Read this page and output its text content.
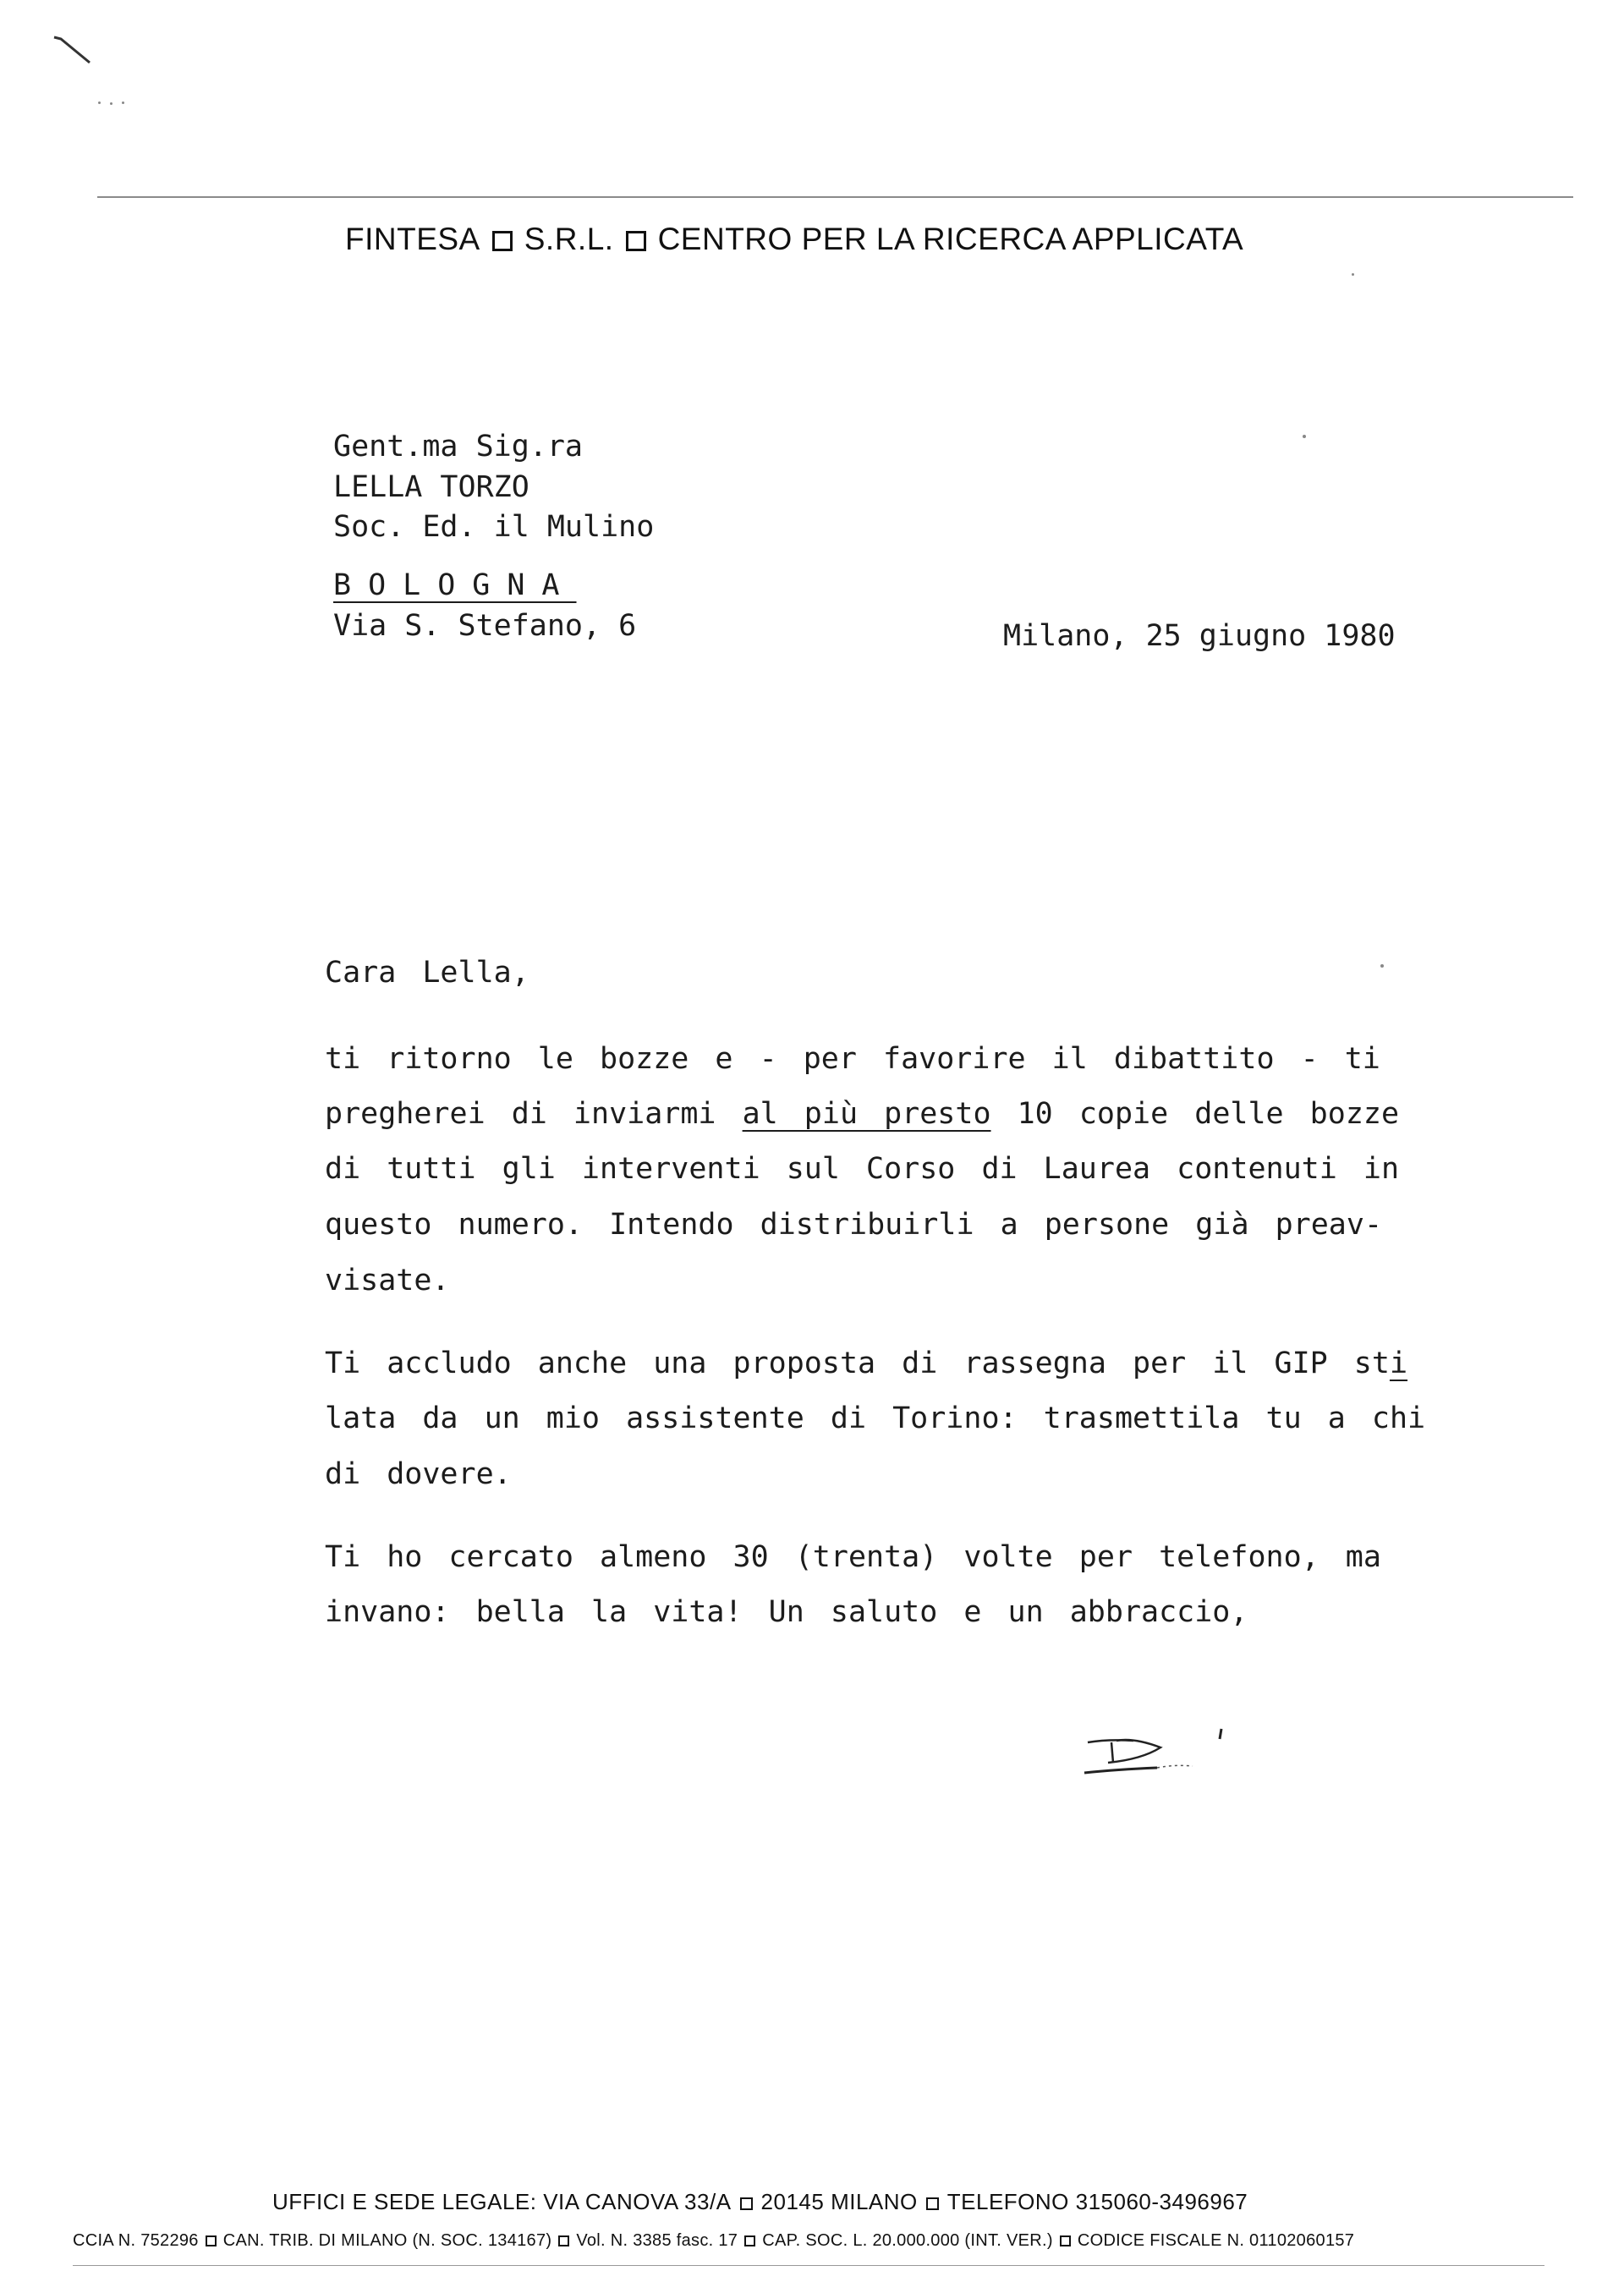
FINTESA S.R.L. CENTRO PER LA RICERCA APPLICATA
Gent.ma Sig.ra
LELLA TORZO
Soc. Ed. il Mulino
BOLOGNA
Via S. Stefano, 6	Milano, 25 giugno 1980
Cara Lella,
ti ritorno le bozze e - per favorire il dibattito - ti
pregherei di inviarmi al più presto 10 copie delle bozze
di tutti gli interventi sul Corso di Laurea contenuti in
questo numero. Intendo distribuirli a persone già preav-
visate.
Ti accludo anche una proposta di rassegna per il GIP sti
lata da un mio assistente di Torino: trasmettila tu a chi
di dovere.
Ti ho cercato almeno 30 (trenta) volte per telefono, ma
invano: bella la vita! Un saluto e un abbraccio,
UFFICI E SEDE LEGALE: VIA CANOVA 33/A 20145 MILANO TELEFONO 315060-3496967
CCIA N. 752296 CAN. TRIB. DI MILANO (N. SOC. 134167) Vol. N. 3385 fasc. 17 CAP. SOC. L. 20.000.000 (INT. VER.) CODICE FISCALE N. 01102060157
